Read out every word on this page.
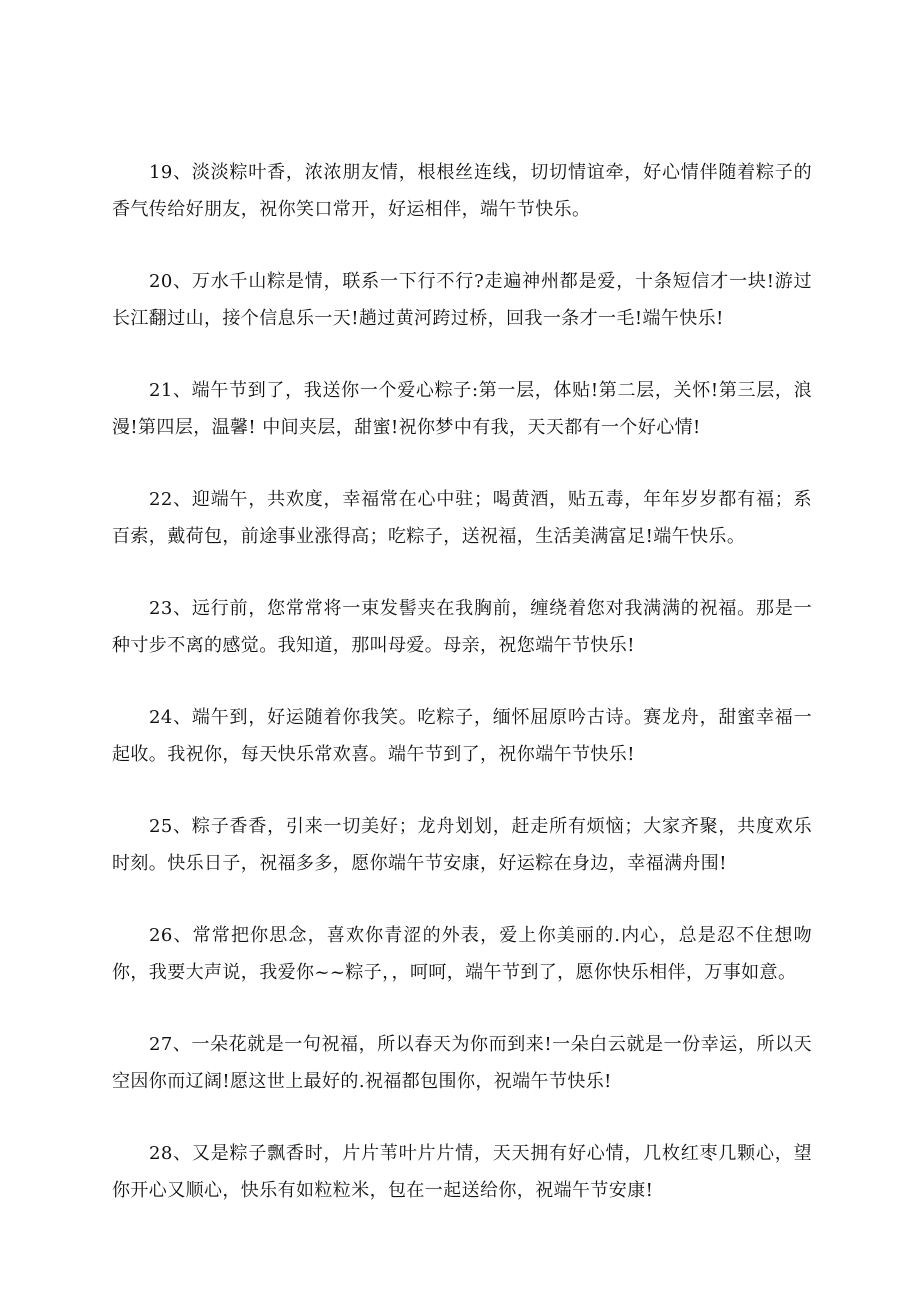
19、淡淡粽叶香，浓浓朋友情，根根丝连线，切切情谊牵，好心情伴随着粽子的香气传给好朋友，祝你笑口常开，好运相伴，端午节快乐。

20、万水千山粽是情，联系一下行不行?走遍神州都是爱，十条短信才一块!游过长江翻过山，接个信息乐一天!趟过黄河跨过桥，回我一条才一毛!端午快乐!

21、端午节到了，我送你一个爱心粽子:第一层，体贴!第二层，关怀!第三层，浪漫!第四层，温馨! 中间夹层，甜蜜!祝你梦中有我，天天都有一个好心情!

22、迎端午，共欢度，幸福常在心中驻；喝黄酒，贴五毒，年年岁岁都有福；系百索，戴荷包，前途事业涨得高；吃粽子，送祝福，生活美满富足!端午快乐。

23、远行前，您常常将一束发髻夹在我胸前，缠绕着您对我满满的祝福。那是一种寸步不离的感觉。我知道，那叫母爱。母亲，祝您端午节快乐!

24、端午到，好运随着你我笑。吃粽子，缅怀屈原吟古诗。赛龙舟，甜蜜幸福一起收。我祝你，每天快乐常欢喜。端午节到了，祝你端午节快乐!

25、粽子香香，引来一切美好；龙舟划划，赶走所有烦恼；大家齐聚，共度欢乐时刻。快乐日子，祝福多多，愿你端午节安康，好运粽在身边，幸福满舟围!

26、常常把你思念，喜欢你青涩的外表，爱上你美丽的.内心，总是忍不住想吻你，我要大声说，我爱你~~粽子，，呵呵，端午节到了，愿你快乐相伴，万事如意。

27、一朵花就是一句祝福，所以春天为你而到来!一朵白云就是一份幸运，所以天空因你而辽阔!愿这世上最好的.祝福都包围你，祝端午节快乐!

28、又是粽子飘香时，片片苇叶片片情，天天拥有好心情，几枚红枣几颗心，望你开心又顺心，快乐有如粒粒米，包在一起送给你，祝端午节安康!
